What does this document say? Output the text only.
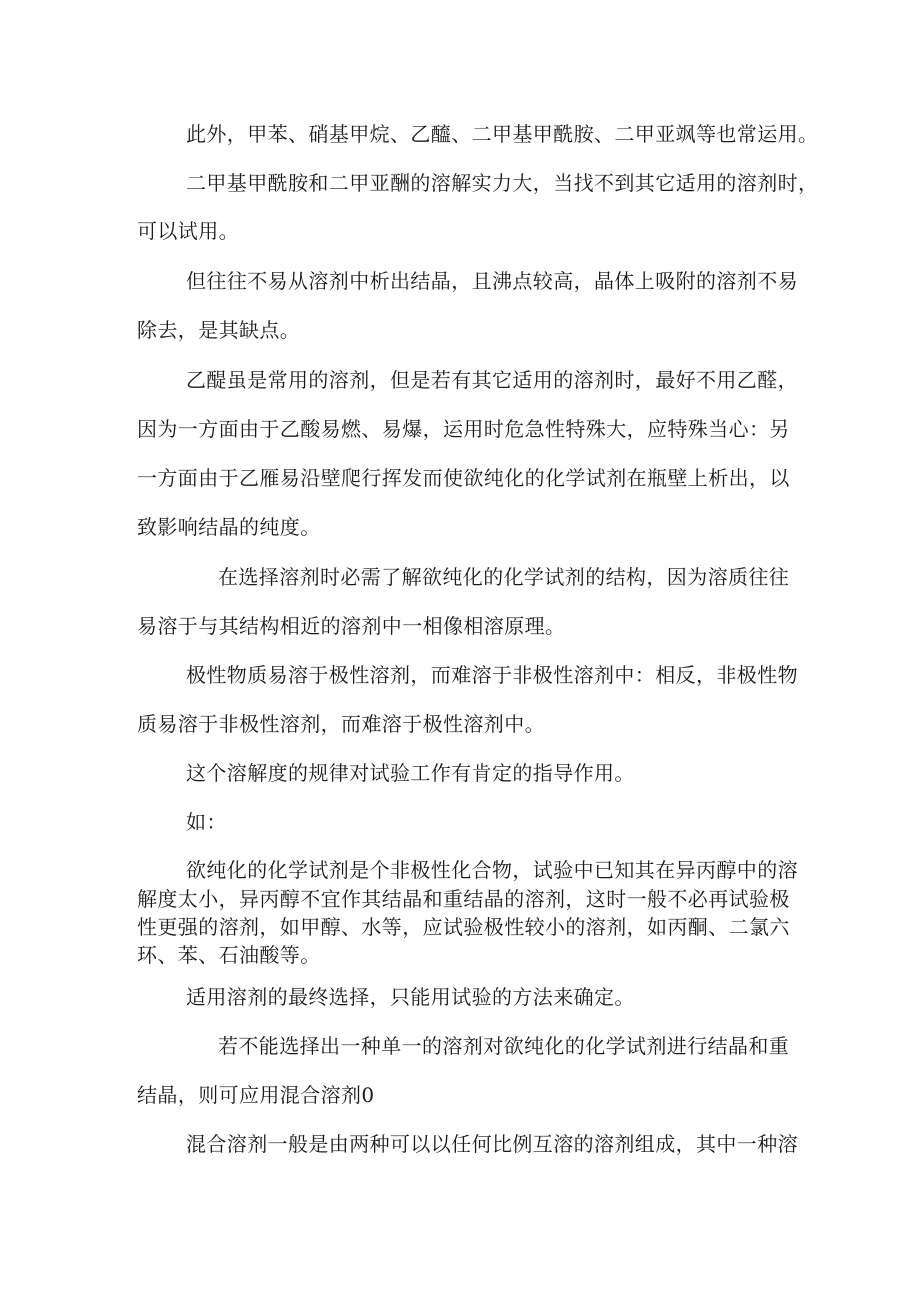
此外，甲苯、硝基甲烷、乙醯、二甲基甲酰胺、二甲亚飒等也常运用。

二甲基甲酰胺和二甲亚酬的溶解实力大，当找不到其它适用的溶剂时，

可以试用。

但往往不易从溶剂中析出结晶，且沸点较高，晶体上吸附的溶剂不易

除去，是其缺点。

乙醍虽是常用的溶剂，但是若有其它适用的溶剂时，最好不用乙醛，

因为一方面由于乙酸易燃、易爆，运用时危急性特殊大，应特殊当心：另

一方面由于乙雁易沿壁爬行挥发而使欲纯化的化学试剂在瓶壁上析出，以

致影响结晶的纯度。

在选择溶剂时必需了解欲纯化的化学试剂的结构，因为溶质往往

易溶于与其结构相近的溶剂中一相像相溶原理。

极性物质易溶于极性溶剂，而难溶于非极性溶剂中：相反，非极性物

质易溶于非极性溶剂，而难溶于极性溶剂中。

这个溶解度的规律对试验工作有肯定的指导作用。

如：

欲纯化的化学试剂是个非极性化合物，试验中已知其在异丙醇中的溶

解度太小，异丙醇不宜作其结晶和重结晶的溶剂，这时一般不必再试验极

性更强的溶剂，如甲醇、水等，应试验极性较小的溶剂，如丙酮、二氯六

环、苯、石油酸等。

适用溶剂的最终选择，只能用试验的方法来确定。

若不能选择出一种单一的溶剂对欲纯化的化学试剂进行结晶和重

结晶，则可应用混合溶剂0

混合溶剂一般是由两种可以以任何比例互溶的溶剂组成，其中一种溶
